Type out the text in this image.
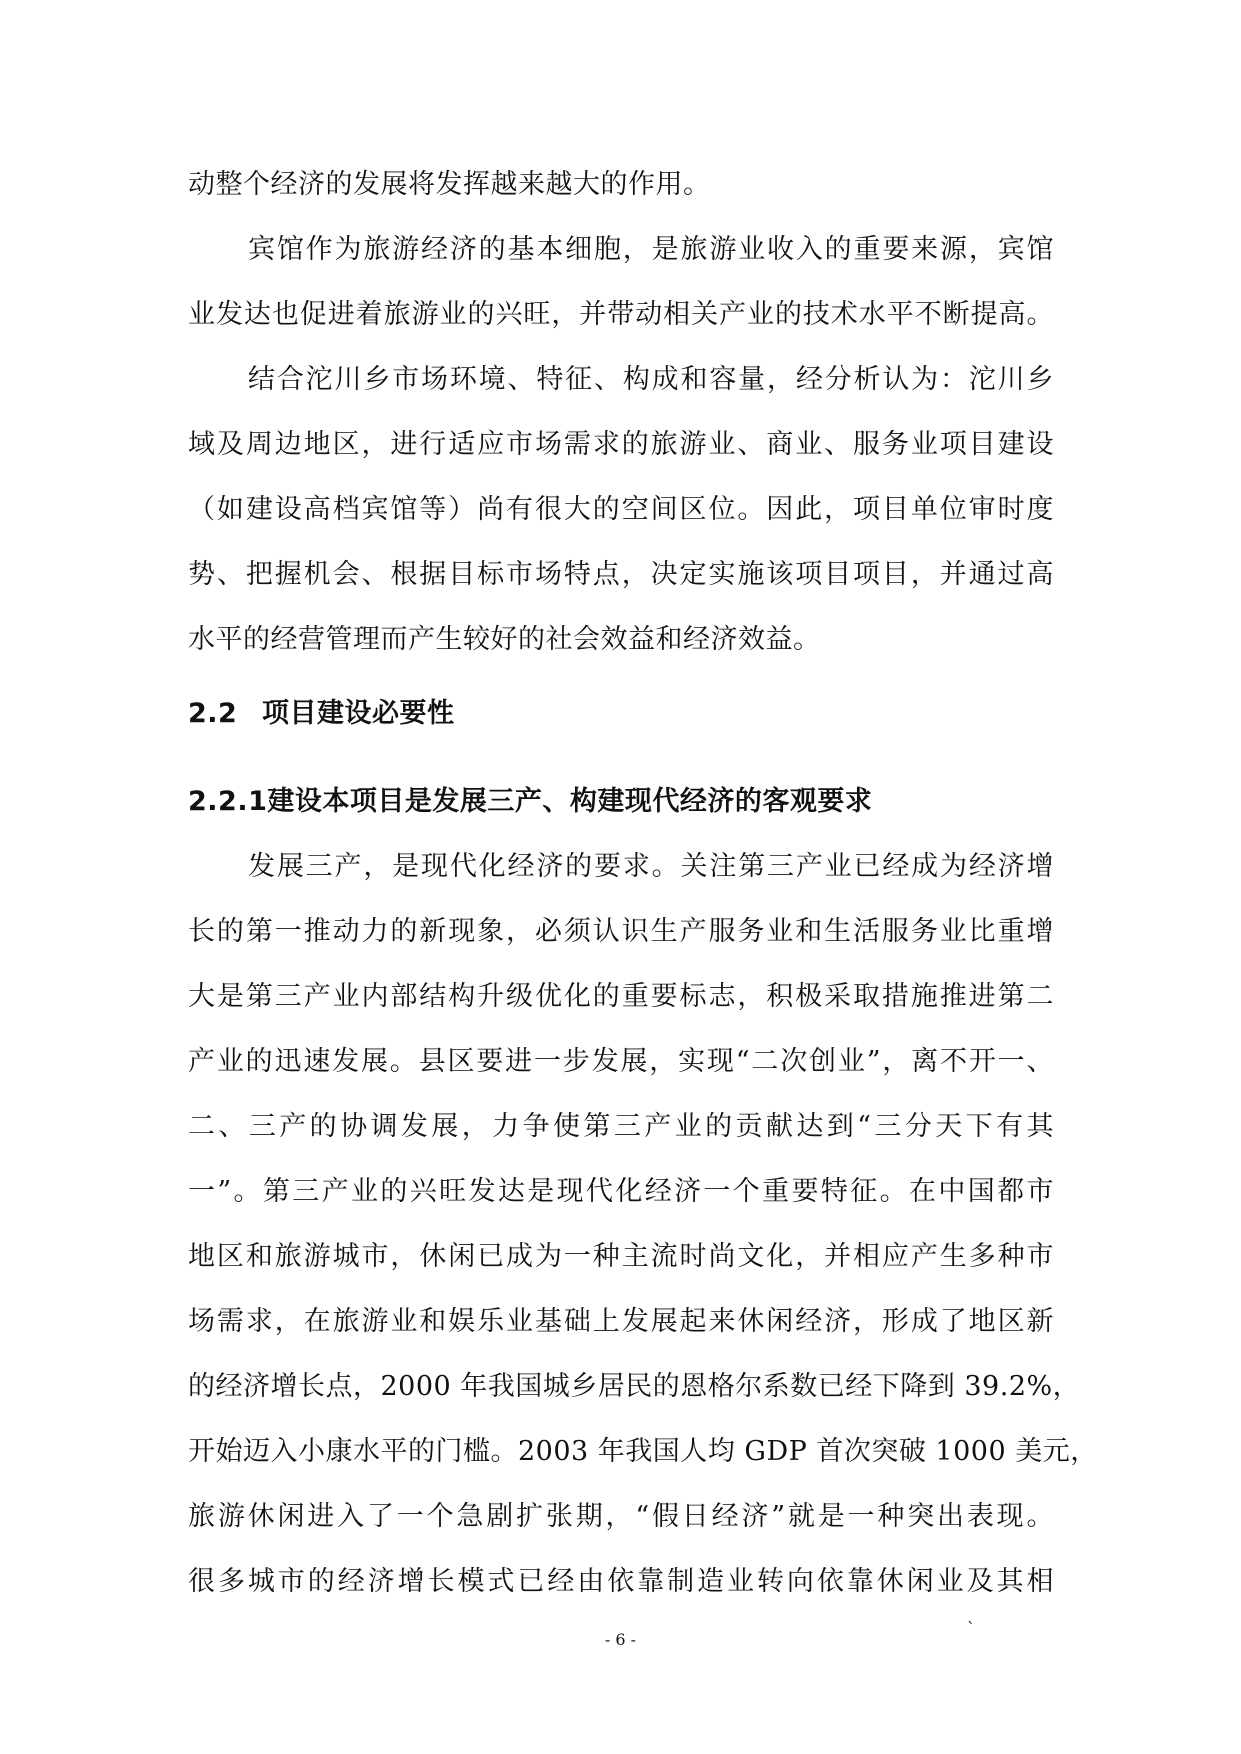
动整个经济的发展将发挥越来越大的作用。
宾馆作为旅游经济的基本细胞，是旅游业收入的重要来源，宾馆
业发达也促进着旅游业的兴旺，并带动相关产业的技术水平不断提高。
结合沱川乡市场环境、特征、构成和容量，经分析认为：沱川乡
域及周边地区，进行适应市场需求的旅游业、商业、服务业项目建设
（如建设高档宾馆等）尚有很大的空间区位。因此，项目单位审时度
势、把握机会、根据目标市场特点，决定实施该项目项目，并通过高
水平的经营管理而产生较好的社会效益和经济效益。
2.2 项目建设必要性
2.2.1建设本项目是发展三产、构建现代经济的客观要求
发展三产，是现代化经济的要求。关注第三产业已经成为经济增
长的第一推动力的新现象，必须认识生产服务业和生活服务业比重增
大是第三产业内部结构升级优化的重要标志，积极采取措施推进第二
产业的迅速发展。县区要进一步发展，实现“二次创业”，离不开一、
二、三产的协调发展，力争使第三产业的贡献达到“三分天下有其
一”。第三产业的兴旺发达是现代化经济一个重要特征。在中国都市
地区和旅游城市，休闲已成为一种主流时尚文化，并相应产生多种市
场需求，在旅游业和娱乐业基础上发展起来休闲经济，形成了地区新
的经济增长点，2000 年我国城乡居民的恩格尔系数已经下降到 39.2%，
开始迈入小康水平的门槛。2003 年我国人均 GDP 首次突破 1000 美元，
旅游休闲进入了一个急剧扩张期，“假日经济”就是一种突出表现。
很多城市的经济增长模式已经由依靠制造业转向依靠休闲业及其相
- 6 -
`
